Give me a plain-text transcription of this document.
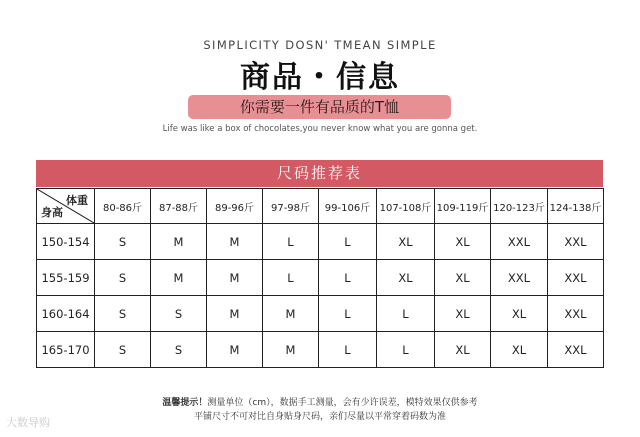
SIMPLICITY DOSN' TMEAN SIMPLE
商品・信息
你需要一件有品质的T恤
Life was like a box of chocolates,you never know what you are gonna get.
尺码推荐表
体重
身高	80-86斤	87-88斤	89-96斤	97-98斤	99-106斤	107-108斤	109-119斤	120-123斤	124-138斤
150-154	S	M	M	L	L	XL	XL	XXL	XXL
155-159	S	M	M	L	L	XL	XL	XXL	XXL
160-164	S	S	M	M	L	L	XL	XL	XXL
165-170	S	S	M	M	L	L	XL	XL	XXL
温馨提示！测量单位（cm），数据手工测量，会有少许误差，模特效果仅供参考
平铺尺寸不可对比自身贴身尺码，亲们尽量以平常穿着码数为准
大数导购
